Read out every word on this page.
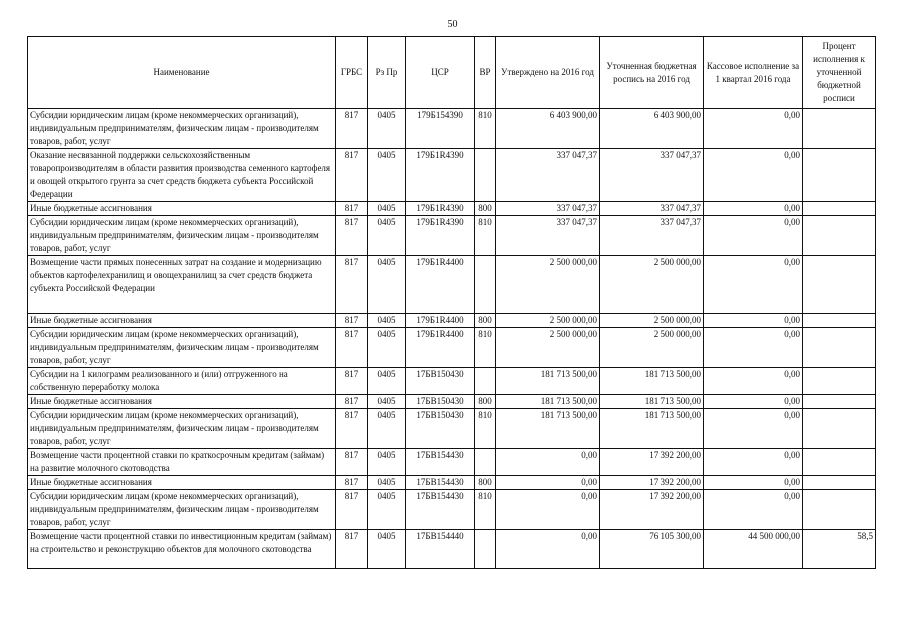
50
Наименование	ГРБС	Рз Пр	ЦСР	ВР	Утверждено на 2016 год	Уточненная бюджетная роспись на 2016 год	Кассовое исполнение за 1 квартал 2016 года	Процент исполнения к уточненной бюджетной росписи
Субсидии юридическим лицам (кроме некоммерческих организаций), индивидуальным предпринимателям, физическим лицам - производителям товаров, работ, услуг	817	0405	179Б154390	810	6 403 900,00	6 403 900,00	0,00	
Оказание несвязанной поддержки сельскохозяйственным товаропроизводителям в области развития производства семенного картофеля и овощей открытого грунта за счет средств бюджета субъекта Российской Федерации	817	0405	179Б1R4390		337 047,37	337 047,37	0,00	
Иные бюджетные ассигнования	817	0405	179Б1R4390	800	337 047,37	337 047,37	0,00	
Субсидии юридическим лицам (кроме некоммерческих организаций), индивидуальным предпринимателям, физическим лицам - производителям товаров, работ, услуг	817	0405	179Б1R4390	810	337 047,37	337 047,37	0,00	
Возмещение части прямых понесенных затрат на создание и модернизацию объектов картофелехранилищ и овощехранилищ за счет средств бюджета субъекта Российской Федерации	817	0405	179Б1R4400		2 500 000,00	2 500 000,00	0,00	
Иные бюджетные ассигнования	817	0405	179Б1R4400	800	2 500 000,00	2 500 000,00	0,00	
Субсидии юридическим лицам (кроме некоммерческих организаций), индивидуальным предпринимателям, физическим лицам - производителям товаров, работ, услуг	817	0405	179Б1R4400	810	2 500 000,00	2 500 000,00	0,00	
Субсидии на 1 килограмм реализованного и (или) отгруженного на собственную переработку молока	817	0405	17БВ150430		181 713 500,00	181 713 500,00	0,00	
Иные бюджетные ассигнования	817	0405	17БВ150430	800	181 713 500,00	181 713 500,00	0,00	
Субсидии юридическим лицам (кроме некоммерческих организаций), индивидуальным предпринимателям, физическим лицам - производителям товаров, работ, услуг	817	0405	17БВ150430	810	181 713 500,00	181 713 500,00	0,00	
Возмещение части процентной ставки по краткосрочным кредитам (займам) на развитие молочного скотоводства	817	0405	17БВ154430		0,00	17 392 200,00	0,00	
Иные бюджетные ассигнования	817	0405	17БВ154430	800	0,00	17 392 200,00	0,00	
Субсидии юридическим лицам (кроме некоммерческих организаций), индивидуальным предпринимателям, физическим лицам - производителям товаров, работ, услуг	817	0405	17БВ154430	810	0,00	17 392 200,00	0,00	
Возмещение части процентной ставки по инвестиционным кредитам (займам) на строительство и реконструкцию объектов для молочного скотоводства	817	0405	17БВ154440		0,00	76 105 300,00	44 500 000,00	58,5
